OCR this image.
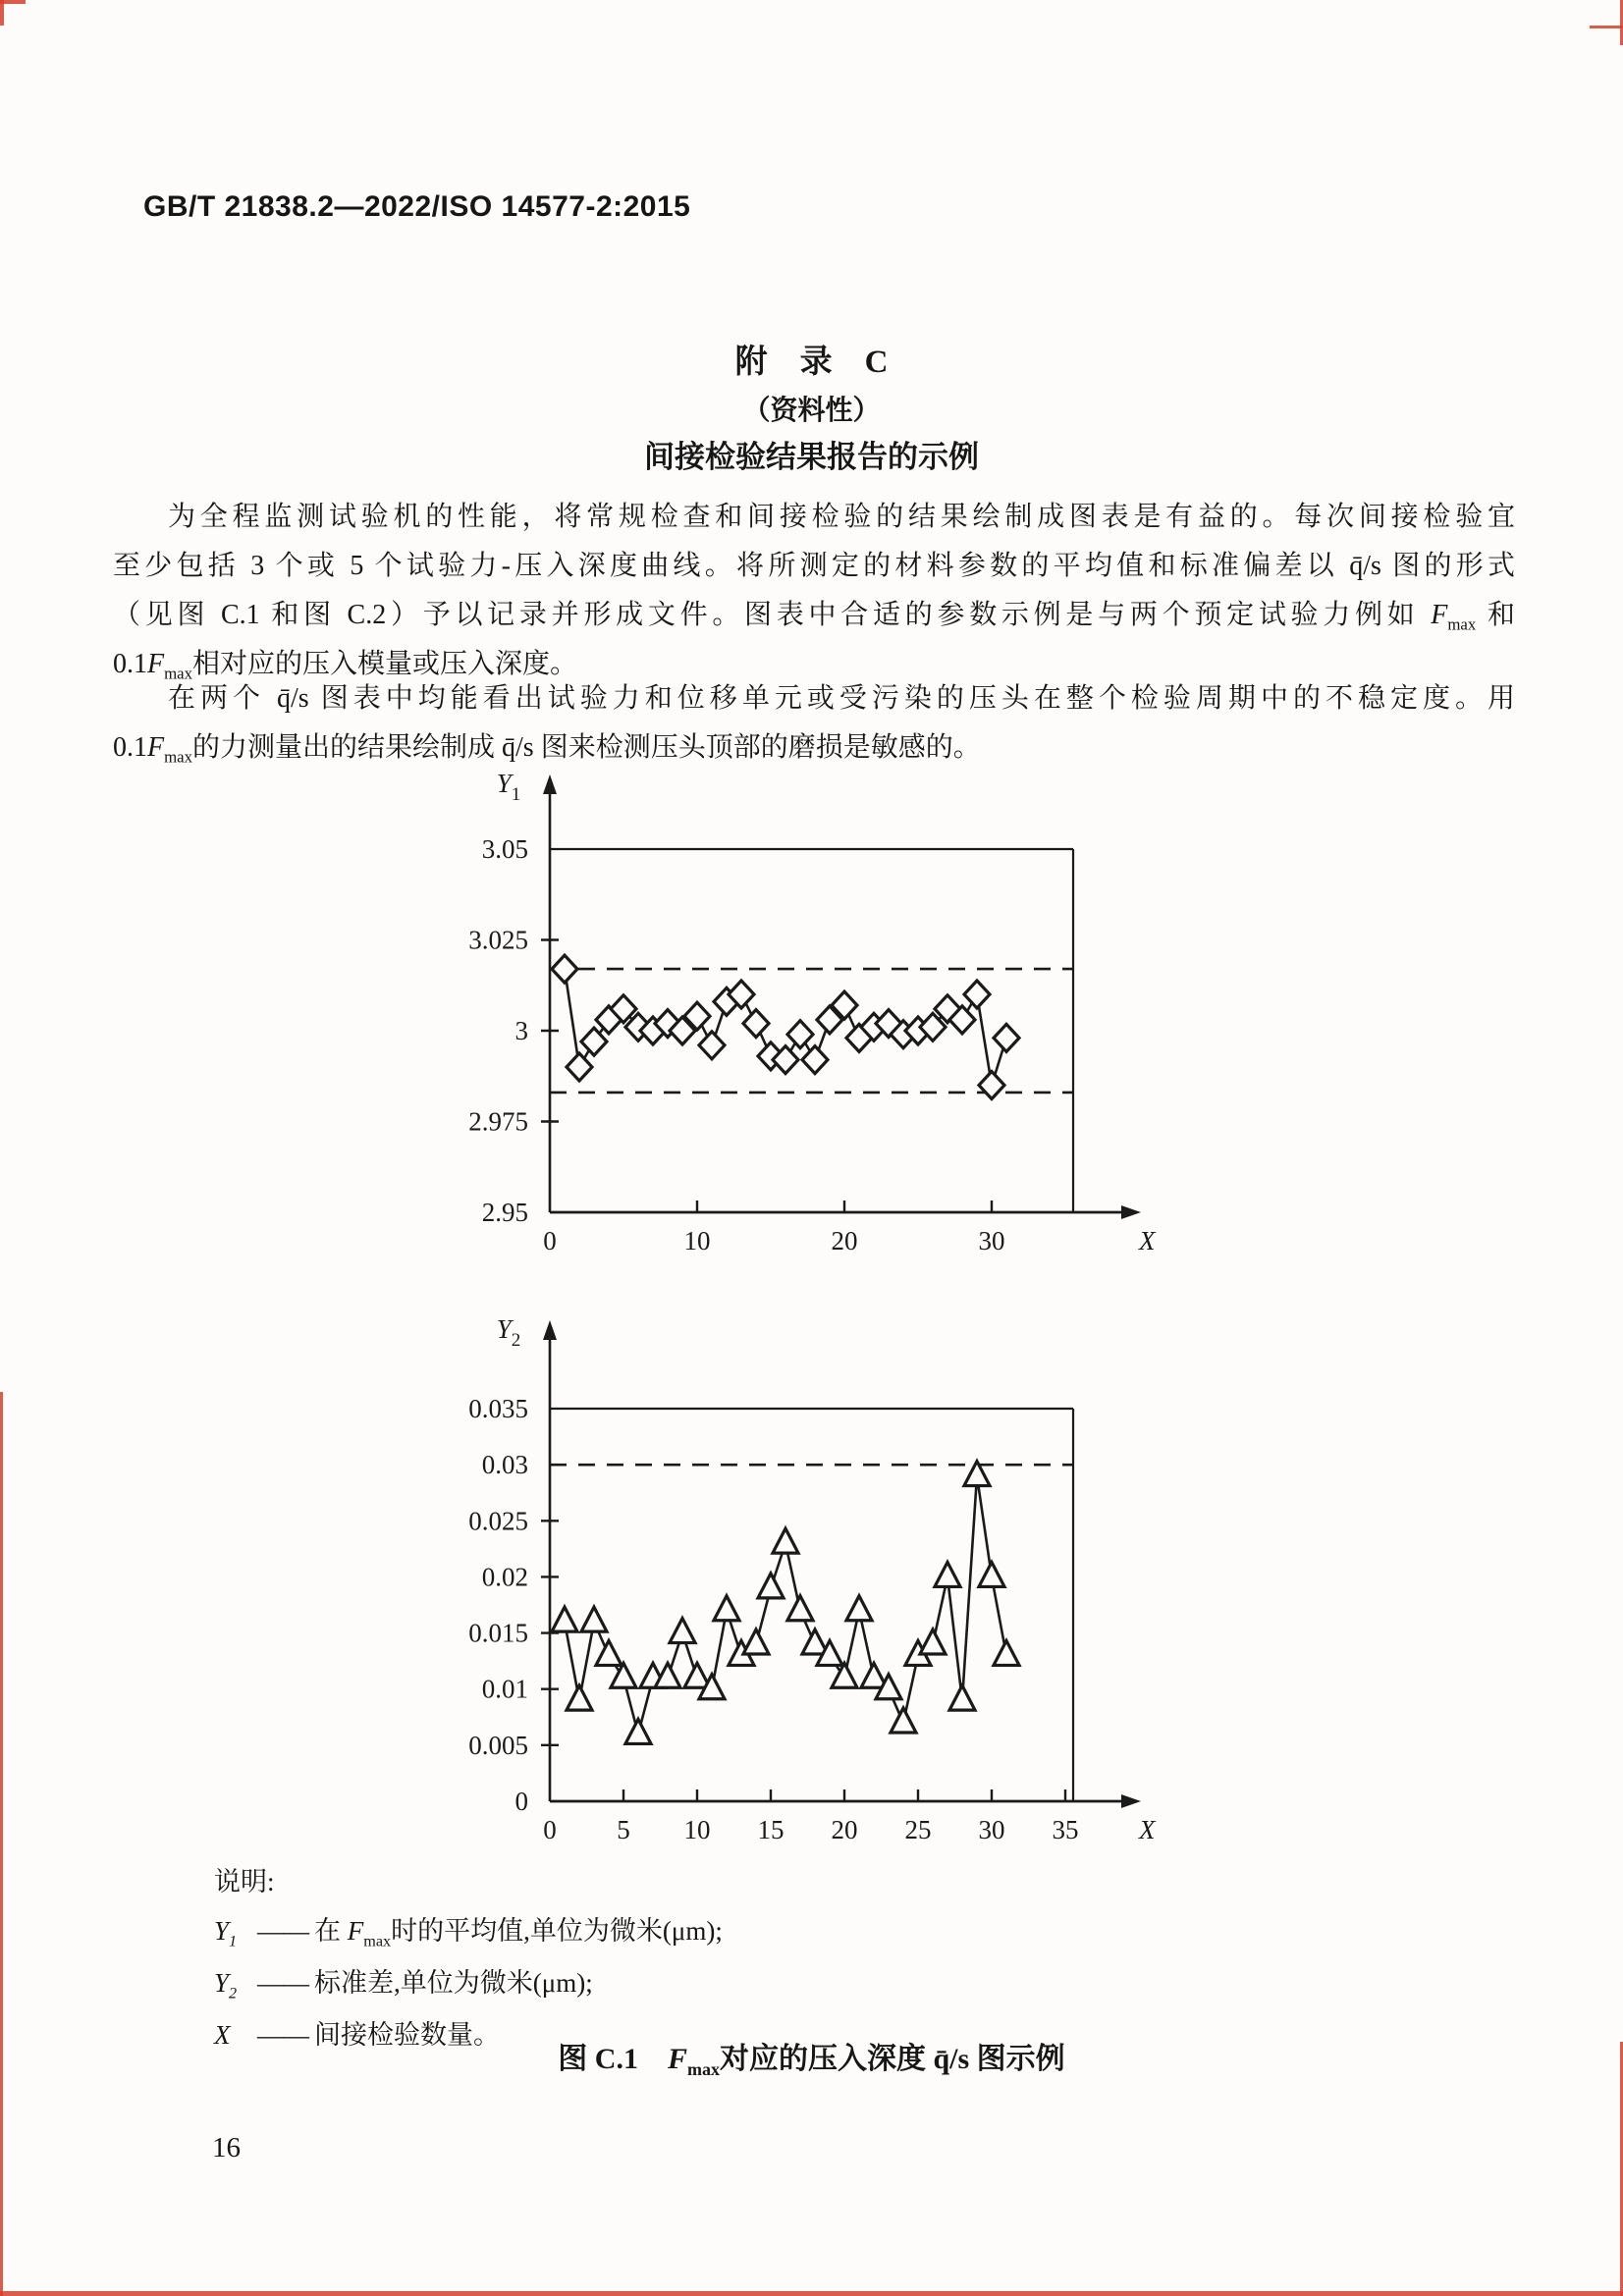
GB/T 21838.2—2022/ISO 14577-2:2015
附　录　C
（资料性）
间接检验结果报告的示例
为全程监测试验机的性能，将常规检查和间接检验的结果绘制成图表是有益的。每次间接检验宜
至少包括 3 个或 5 个试验力-压入深度曲线。将所测定的材料参数的平均值和标准偏差以 q̄/s 图的形式
（见图 C.1 和图 C.2）予以记录并形成文件。图表中合适的参数示例是与两个预定试验力例如 $F_{max}$ 和
$0.1F_{max}$相对应的压入模量或压入深度。
在两个 q̄/s 图表中均能看出试验力和位移单元或受污染的压头在整个检验周期中的不稳定度。用
$0.1F_{max}$的力测量出的结果绘制成 q̄/s 图来检测压头顶部的磨损是敏感的。
3.05
3.025
3
2.975
2.95
0	10	20	30
$Y_1$
X
0.035
0.03
0.025
0.02
0.015
0.01
0.005
0
0 5 10 15 20 25 30 35
$Y_2$
X
说明:
$Y_1$ —— 在 $F_{max}$时的平均值,单位为微米(μm);
$Y_2$ —— 标准差,单位为微米(μm);
X —— 间接检验数量。
图 C.1　$F_{max}$对应的压入深度 q̄/s 图示例
16
